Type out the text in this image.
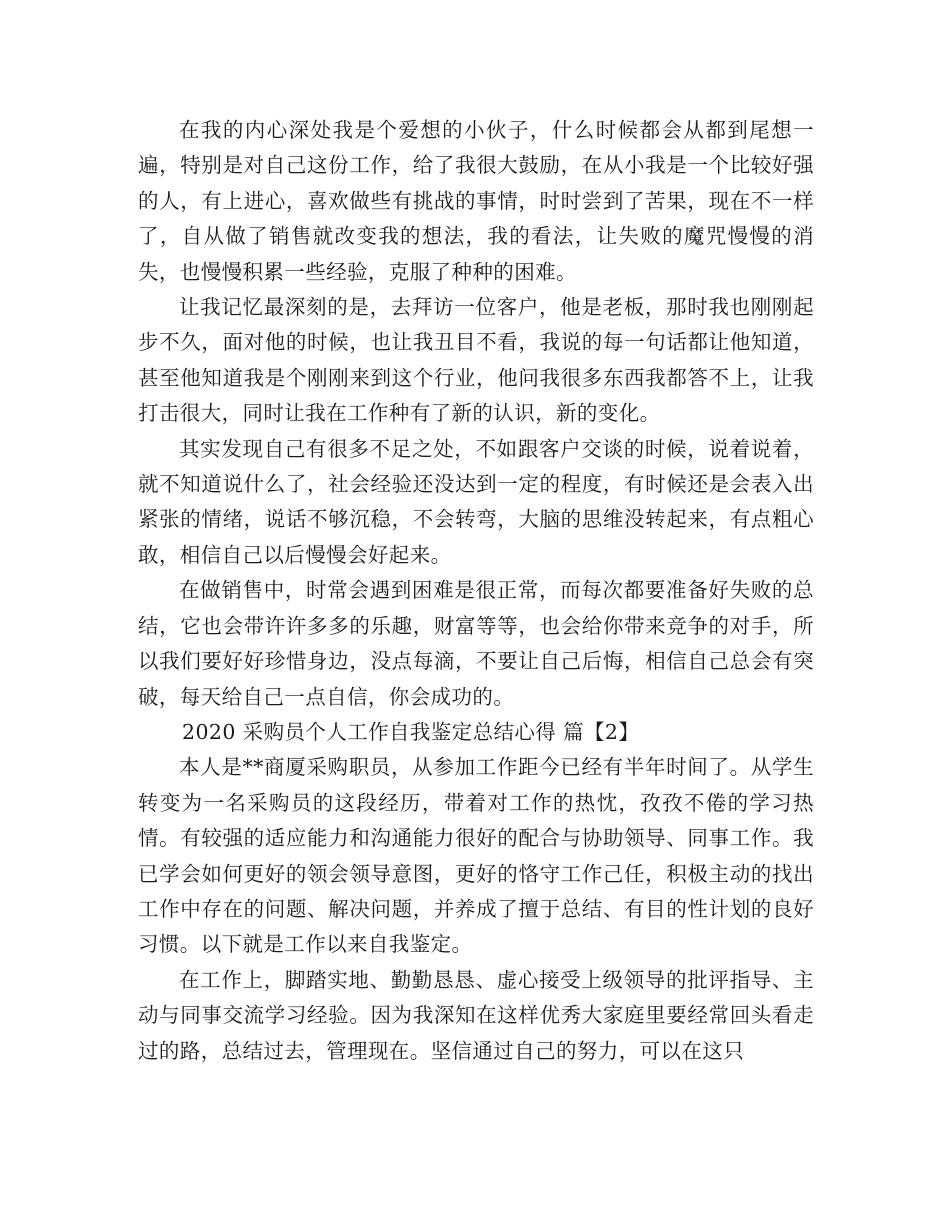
在我的内心深处我是个爱想的小伙子，什么时候都会从都到尾想一遍，特别是对自己这份工作，给了我很大鼓励，在从小我是一个比较好强的人，有上进心，喜欢做些有挑战的事情，时时尝到了苦果，现在不一样了，自从做了销售就改变我的想法，我的看法，让失败的魔咒慢慢的消失，也慢慢积累一些经验，克服了种种的困难。

让我记忆最深刻的是，去拜访一位客户，他是老板，那时我也刚刚起步不久，面对他的时候，也让我丑目不看，我说的每一句话都让他知道，甚至他知道我是个刚刚来到这个行业，他问我很多东西我都答不上，让我打击很大，同时让我在工作种有了新的认识，新的变化。

其实发现自己有很多不足之处，不如跟客户交谈的时候，说着说着，就不知道说什么了，社会经验还没达到一定的程度，有时候还是会表入出紧张的情绪，说话不够沉稳，不会转弯，大脑的思维没转起来，有点粗心敢，相信自己以后慢慢会好起来。

在做销售中，时常会遇到困难是很正常，而每次都要准备好失败的总结，它也会带许许多多的乐趣，财富等等，也会给你带来竞争的对手，所以我们要好好珍惜身边，没点每滴，不要让自己后悔，相信自己总会有突破，每天给自己一点自信，你会成功的。

2020 采购员个人工作自我鉴定总结心得 篇【2】

本人是**商厦采购职员，从参加工作距今已经有半年时间了。从学生转变为一名采购员的这段经历，带着对工作的热忱，孜孜不倦的学习热情。有较强的适应能力和沟通能力很好的配合与协助领导、同事工作。我已学会如何更好的领会领导意图，更好的恪守工作己任，积极主动的找出工作中存在的问题、解决问题，并养成了擅于总结、有目的性计划的良好习惯。以下就是工作以来自我鉴定。

在工作上，脚踏实地、勤勤恳恳、虚心接受上级领导的批评指导、主动与同事交流学习经验。因为我深知在这样优秀大家庭里要经常回头看走过的路，总结过去，管理现在。坚信通过自己的努力，可以在这只
